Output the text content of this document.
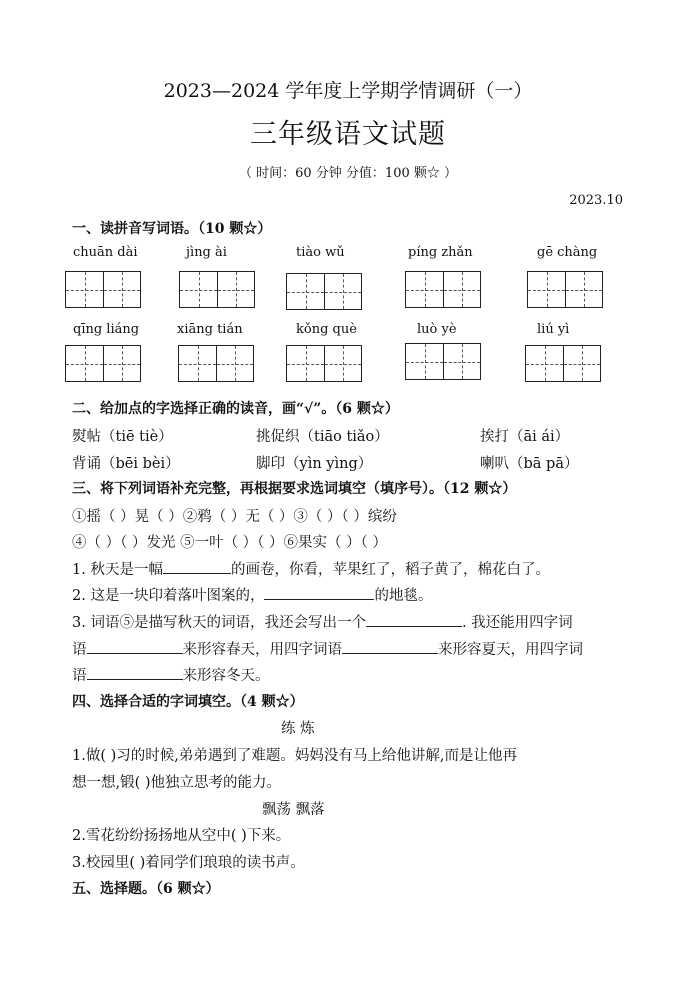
2023—2024 学年度上学期学情调研（一）
三年级语文试题
（ 时间：60 分钟 分值：100 颗☆ ）
2023.10
一、读拼音写词语。（10 颗☆）
chuān dài	jìng ài	tiào wǔ	píng zhǎn	gē chàng
qīng liáng	xiāng tián	kǒng què	luò yè	liú yì
二、给加点的字选择正确的读音，画“√”。（6 颗☆）
熨帖（tiē tiè）	挑促织（tiāo tiǎo）	挨打（āi ái）
背诵（bēi bèi）	脚印（yìn yìng）	喇叭（bā pā）
三、将下列词语补充完整，再根据要求选词填空（填序号）。（12 颗☆）
①摇（ ）晃（ ）②鸦（ ）无（ ）③（ ）（ ）缤纷
④（ ）（ ）发光 ⑤一叶（ ）（ ）⑥果实（ ）（ ）
1. 秋天是一幅	的画卷，你看，苹果红了，稻子黄了，棉花白了。
2. 这是一块印着落叶图案的，	的地毯。
3. 词语⑤是描写秋天的词语，我还会写出一个	. 我还能用四字词
语	来形容春天，用四字词语	来形容夏天，用四字词
语	来形容冬天。
四、选择合适的字词填空。（4 颗☆）
练 炼
1.做( )习的时候,弟弟遇到了难题。妈妈没有马上给他讲解,而是让他再
想一想,锻( )他独立思考的能力。
飘荡 飘落
2.雪花纷纷扬扬地从空中( )下来。
3.校园里( )着同学们琅琅的读书声。
五、选择题。（6 颗☆）
